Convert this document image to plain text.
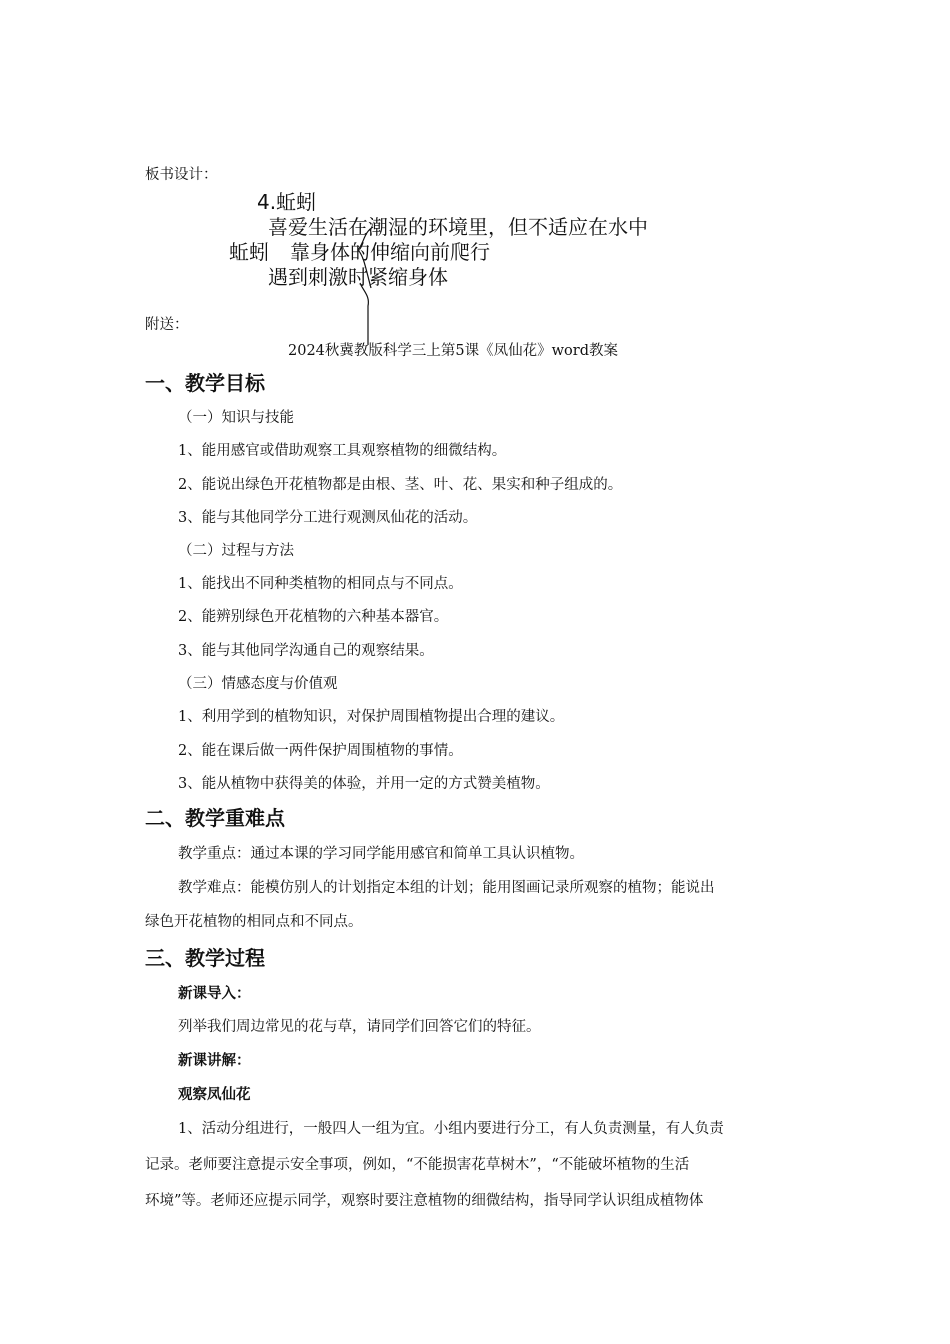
板书设计：
4.蚯蚓
喜爱生活在潮湿的环境里，但不适应在水中
蚯蚓 靠身体的伸缩向前爬行
遇到刺激时紧缩身体
附送：
2024秋冀教版科学三上第5课《凤仙花》word教案
一、教学目标
（一）知识与技能
1、能用感官或借助观察工具观察植物的细微结构。
2、能说出绿色开花植物都是由根、茎、叶、花、果实和种子组成的。
3、能与其他同学分工进行观测凤仙花的活动。
（二）过程与方法
1、能找出不同种类植物的相同点与不同点。
2、能辨别绿色开花植物的六种基本器官。
3、能与其他同学沟通自己的观察结果。
（三）情感态度与价值观
1、利用学到的植物知识，对保护周围植物提出合理的建议。
2、能在课后做一两件保护周围植物的事情。
3、能从植物中获得美的体验，并用一定的方式赞美植物。
二、教学重难点
教学重点：通过本课的学习同学能用感官和简单工具认识植物。
教学难点：能模仿别人的计划指定本组的计划；能用图画记录所观察的植物；能说出
绿色开花植物的相同点和不同点。
三、教学过程
新课导入：
列举我们周边常见的花与草，请同学们回答它们的特征。
新课讲解：
观察凤仙花
1、活动分组进行，一般四人一组为宜。小组内要进行分工，有人负责测量，有人负责
记录。老师要注意提示安全事项，例如，“不能损害花草树木”，“不能破坏植物的生活
环境”等。老师还应提示同学，观察时要注意植物的细微结构，指导同学认识组成植物体
